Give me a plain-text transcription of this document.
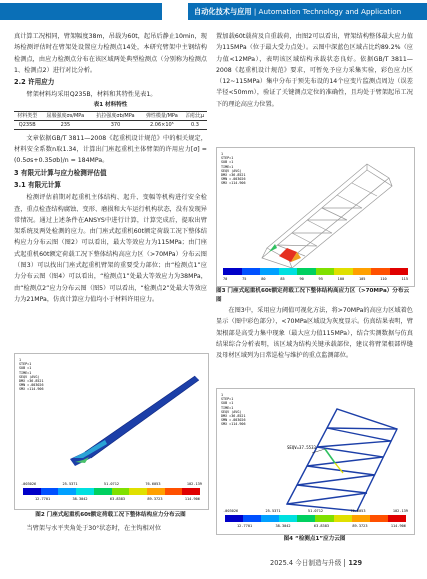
自动化技术与应用 | Automation Technology and Application

真计算工况相同，臂架幅度38m，吊载为60t，起吊后静止10min，现场检测评估时在臂架处设置应力检测点14处，本研究臂架中主钢结构检测点，由应力检测点分布在该区域两处典型检测点（分别称为检测点1、检测点2）进行对比分析。

2.2 许用应力

臂架材料均采用Q235B，材料和其特性见表1。

表1 材料特性
材料类型	屈服强度σs/MPa	抗拉强度σb/MPa	弹性模量/MPa	泊松比μ
Q235B	235	370	2.06×10⁵	0.3

文章依据GB/T 3811—2008《起重机设计规范》中的相关规定，材料安全系数n取1.34，计算出门座起重机主体臂架的许用应力[σ] = (0.5σs+0.35σb)/n = 184MPa。

3 有限元计算与应力检测评估值
3.1 有限元计算

检测评估前期对起重机主体结构、起升、变幅等机构进行安全检查，重点检查结构腐蚀、变形、磨损和大车运行机构状态，没有发现异常情况。通过上述条件在ANSYS中进行计算，计算完成后，提取出臂架系统及两处检测的应力。由门座式起重机60t额定荷载工况下整体结构应力分布云图（图2）可以看出，最大等效应力为115MPa；由门座式起重机60t额定荷载工况下整体结构高应力区（>70MPa）分布云图（图3）可以找出门座式起重机臂架的重要受力部位；由“检测点1”应力分布云图（图4）可以看出，“检测点1”处最大等效应力为38MPa，由“检测点2”应力分布云图（图5）可以看出，“检测点2”处最大等效应力为21MPa，仿真计算应力值均小于材料许用应力。

1
STEP=1
SUB =1
TIME=1
SEQV (AVG)
DMX =36.8521
SMN =.003026
SMX =114.906
.003026	25.5371	51.0712	76.6053	102.139
12.7701	38.3042	63.8383	89.3723	114.906
图2 门座式起重机60t额定荷载工况下整体结构应力分布云图

当臂架与水平夹角处于30°状态时，在主钩相对位

置加载60t载荷及自重载荷，由图2可以看出，臂架结构整体最大应力值为115MPa（位于最大受力点处）。云图中深蓝色区域占比约89.2%（应力值<12MPa），表明该区域结构承载状态良好。依据GB/T 3811—2008《起重机设计规范》要求，可暂免予应力采集实验，彩色应力区（12~115MPa）集中分布于预先布设的14个应变片监测点周边（误差半径<50mm），验证了关键测点定位的准确性，且均处于臂架起吊工况下的理论高应力位置。

1
STEP=1
SUB =1
TIME=1
SEQV (AVG)
DMX =36.8521
SMN =.003026
SMX =114.906
70	75	80	85	90	95	100	105	110	115
图3 门座式起重机60t额定荷载工况下整体结构高应力区（>70MPa）分布云图

在图3中，采用应力阈值可视化方法，将>70MPa的高应力区域着色显示（图中彩色部分），<70MPa区域设为灰度显示。仿真结果表明，臂架根部是高受力集中现象（最大应力值115MPa），结合实测数据与仿真结果综合分析表明，该区域为结构关键承载部位，建议将臂架根部焊缝及母材区域列为日常巡检与维护的重点监测部位。

1
STEP=1
SUB =1
TIME=1
SEQV (AVG)
DMX =36.8521
SMN =.003026
SMX =114.906
SEQV=37.5533
.003026	25.5371	51.0712	76.6053	102.139
12.7701	38.3042	63.8383	89.3723	114.906
图4 “检测点1”应力云图
2025.4 今日制造与升级 129
